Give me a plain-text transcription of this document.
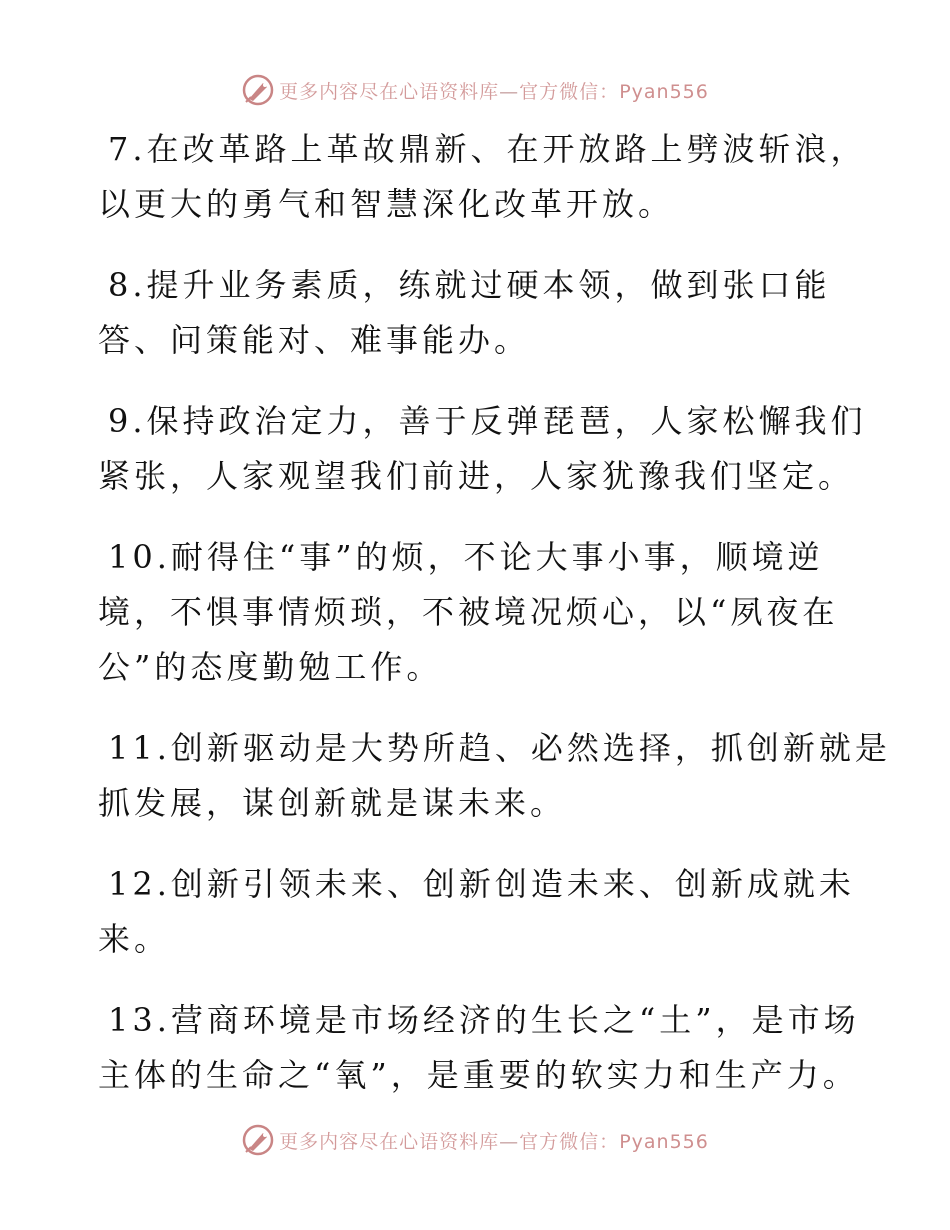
更多内容尽在心语资料库—官方微信：Pyan556

7.在改革路上革故鼎新、在开放路上劈波斩浪，
以更大的勇气和智慧深化改革开放。

8.提升业务素质，练就过硬本领，做到张口能
答、问策能对、难事能办。

9.保持政治定力，善于反弹琵琶，人家松懈我们
紧张，人家观望我们前进，人家犹豫我们坚定。

10.耐得住“事”的烦，不论大事小事，顺境逆
境，不惧事情烦琐，不被境况烦心，以“夙夜在
公”的态度勤勉工作。

11.创新驱动是大势所趋、必然选择，抓创新就是
抓发展，谋创新就是谋未来。

12.创新引领未来、创新创造未来、创新成就未
来。

13.营商环境是市场经济的生长之“土”，是市场
主体的生命之“氧”，是重要的软实力和生产力。

更多内容尽在心语资料库—官方微信：Pyan556
